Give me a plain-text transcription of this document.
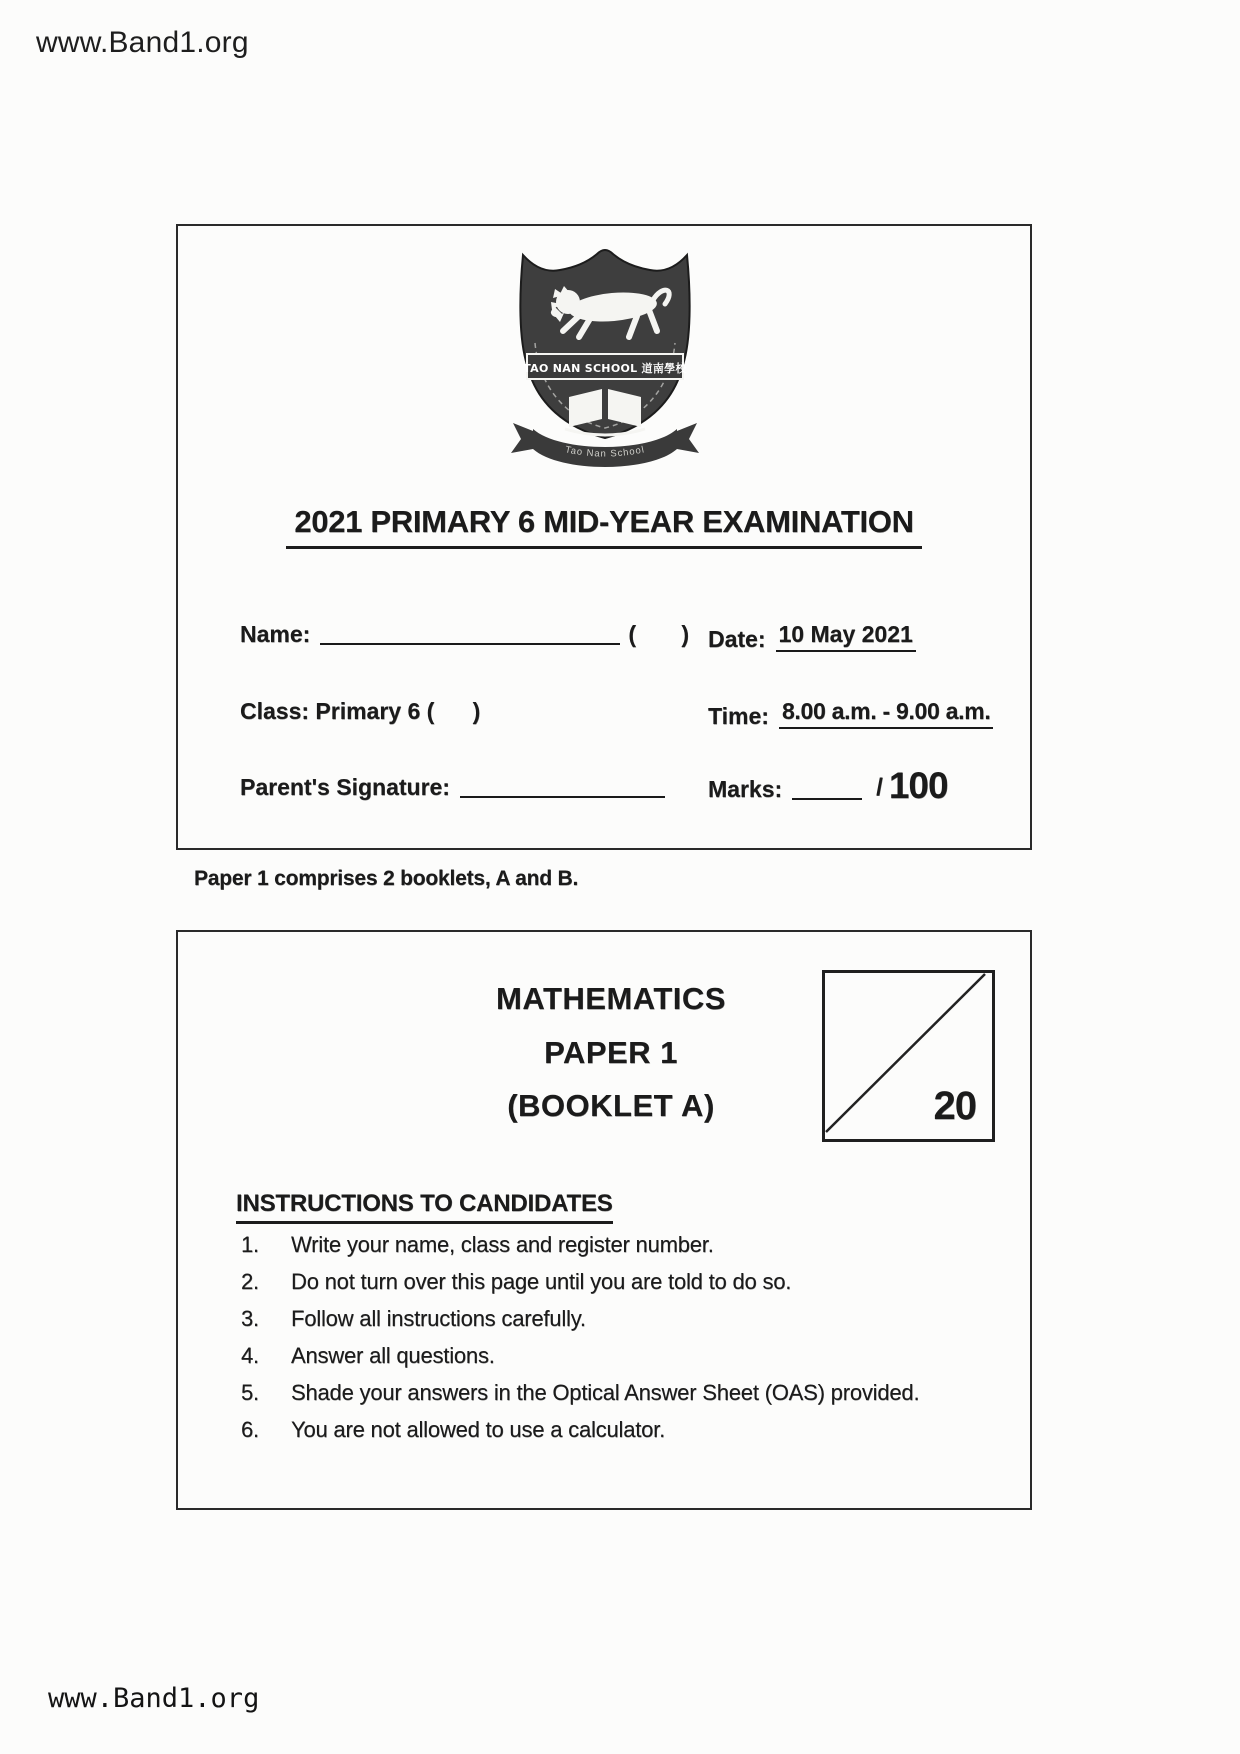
www.Band1.org
TAO NAN SCHOOL 道南學校
Tao Nan School
2021 PRIMARY 6 MID-YEAR EXAMINATION
Name:	(      ) Date: 10 May 2021
Class: Primary 6 (      )	Time: 8.00 a.m. - 9.00 a.m.
Parent's Signature:	Marks:	/ 100
Paper 1 comprises 2 booklets, A and B.
MATHEMATICS
PAPER 1
(BOOKLET A)	20
INSTRUCTIONS TO CANDIDATES
1.	Write your name, class and register number.
2.	Do not turn over this page until you are told to do so.
3.	Follow all instructions carefully.
4.	Answer all questions.
5.	Shade your answers in the Optical Answer Sheet (OAS) provided.
6.	You are not allowed to use a calculator.
www.Band1.org
